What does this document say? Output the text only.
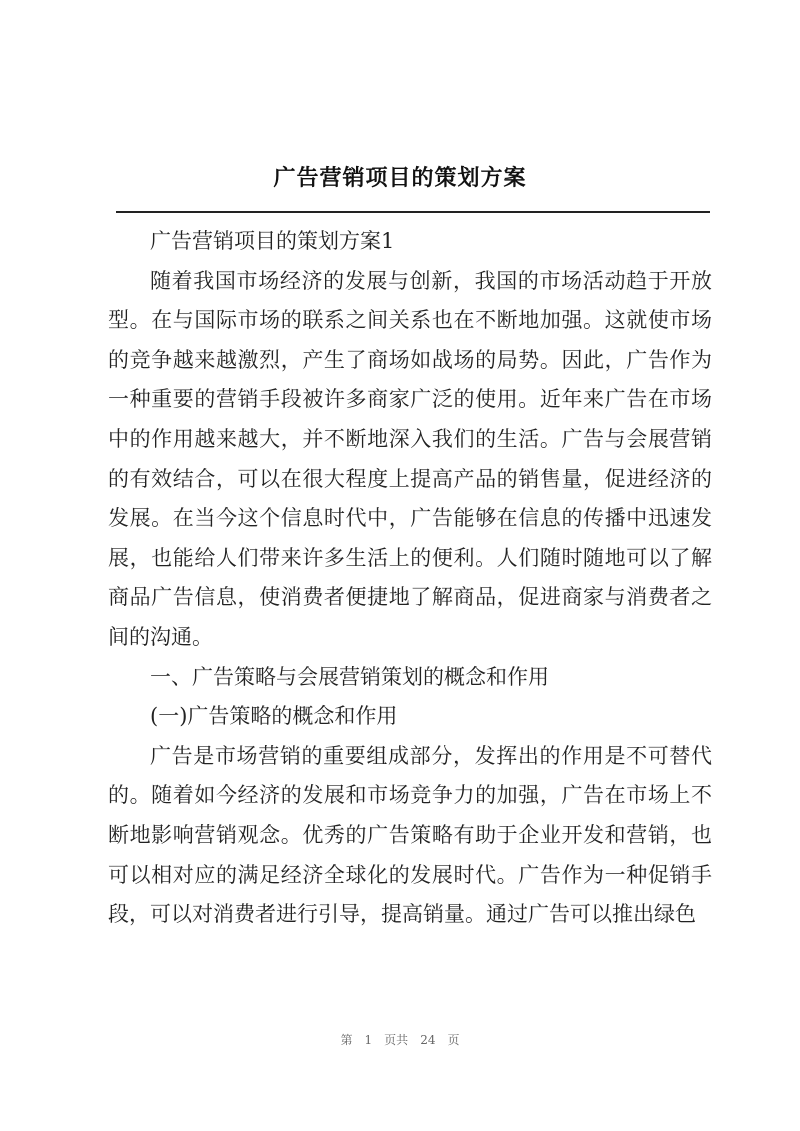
广告营销项目的策划方案

广告营销项目的策划方案1

随着我国市场经济的发展与创新，我国的市场活动趋于开放型。在与国际市场的联系之间关系也在不断地加强。这就使市场的竞争越来越激烈，产生了商场如战场的局势。因此，广告作为一种重要的营销手段被许多商家广泛的使用。近年来广告在市场中的作用越来越大，并不断地深入我们的生活。广告与会展营销的有效结合，可以在很大程度上提高产品的销售量，促进经济的发展。在当今这个信息时代中，广告能够在信息的传播中迅速发展，也能给人们带来许多生活上的便利。人们随时随地可以了解商品广告信息，使消费者便捷地了解商品，促进商家与消费者之间的沟通。

一、广告策略与会展营销策划的概念和作用

(一)广告策略的概念和作用

广告是市场营销的重要组成部分，发挥出的作用是不可替代的。随着如今经济的发展和市场竞争力的加强，广告在市场上不断地影响营销观念。优秀的广告策略有助于企业开发和营销，也可以相对应的满足经济全球化的发展时代。广告作为一种促销手段，可以对消费者进行引导，提高销量。通过广告可以推出绿色

第 1 页共 24 页
